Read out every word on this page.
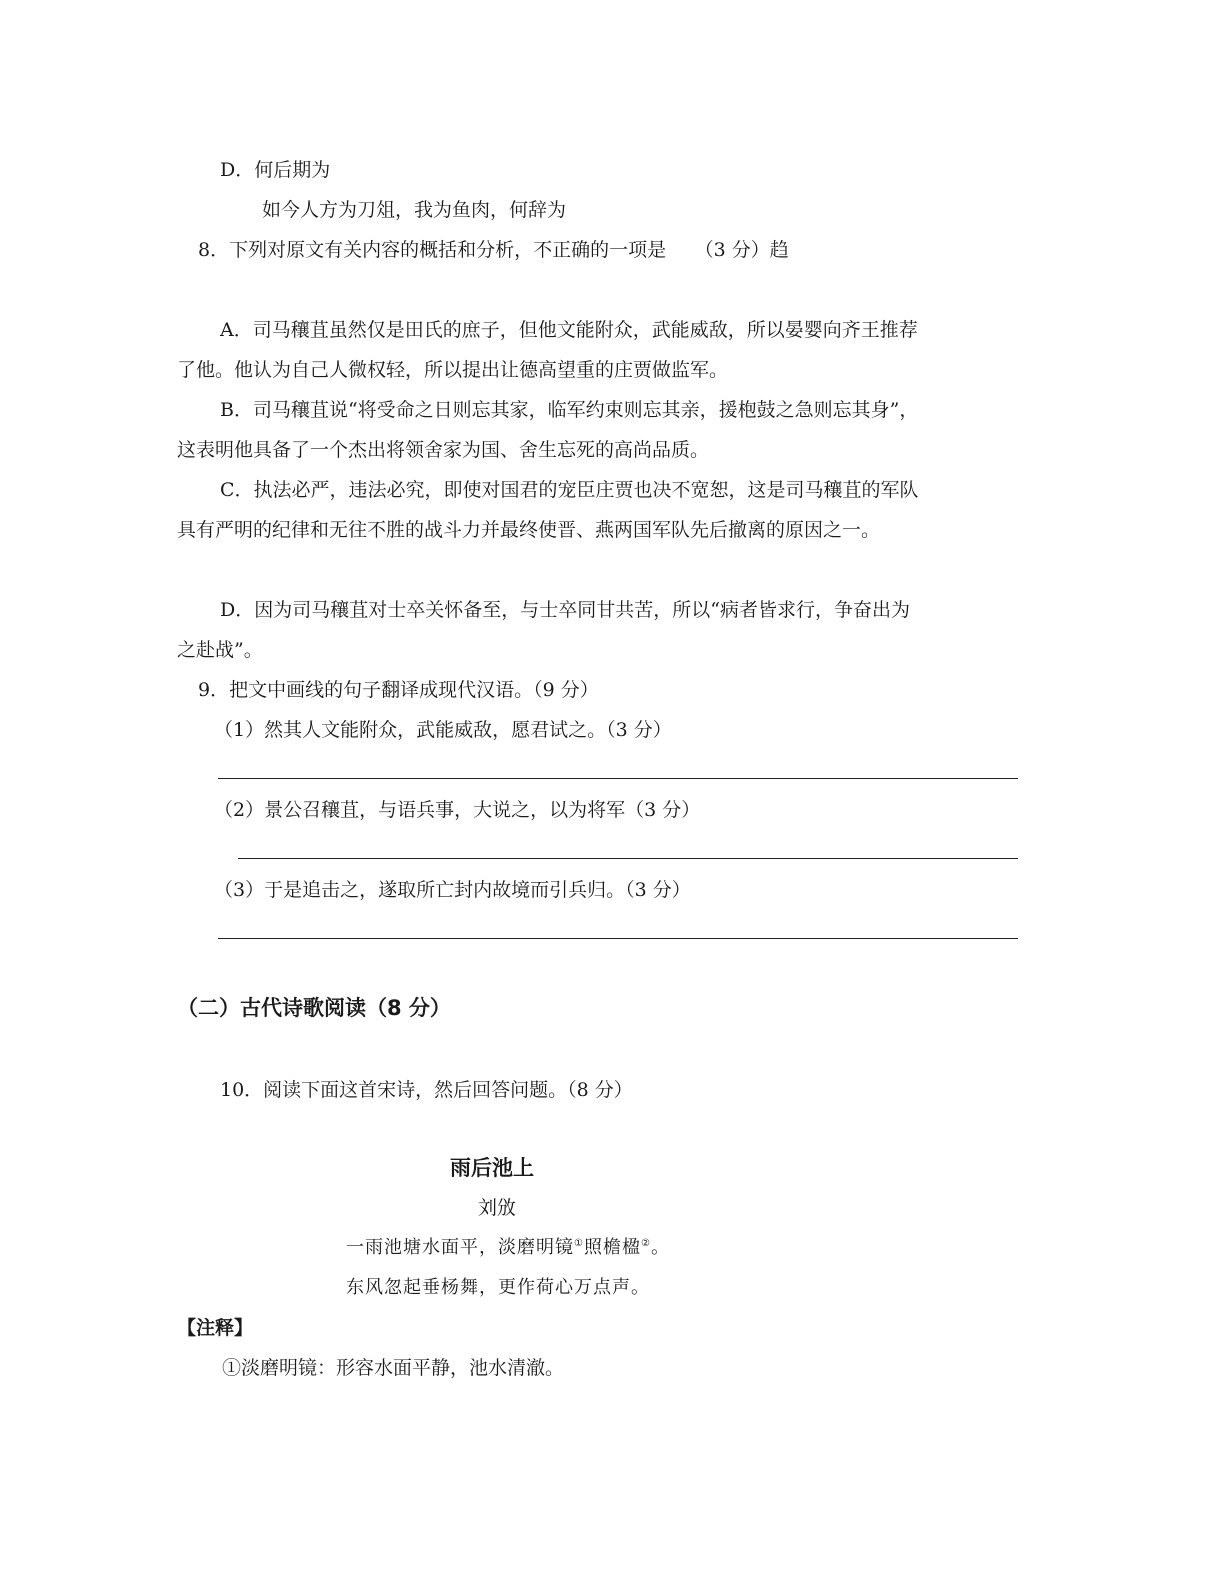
D．何后期为
如今人方为刀俎，我为鱼肉，何辞为
8．下列对原文有关内容的概括和分析，不正确的一项是　　（3 分）趋
A．司马穰苴虽然仅是田氏的庶子，但他文能附众，武能威敌，所以晏婴向齐王推荐
了他。他认为自己人微权轻，所以提出让德高望重的庄贾做监军。
B．司马穰苴说“将受命之日则忘其家，临军约束则忘其亲，援枹鼓之急则忘其身”，
这表明他具备了一个杰出将领舍家为国、舍生忘死的高尚品质。
C．执法必严，违法必究，即使对国君的宠臣庄贾也决不宽恕，这是司马穰苴的军队
具有严明的纪律和无往不胜的战斗力并最终使晋、燕两国军队先后撤离的原因之一。
D．因为司马穰苴对士卒关怀备至，与士卒同甘共苦，所以“病者皆求行，争奋出为
之赴战”。
9．把文中画线的句子翻译成现代汉语。（9 分）
（1）然其人文能附众，武能威敌，愿君试之。（3 分）
（2）景公召穰苴，与语兵事，大说之，以为将军（3 分）
（3）于是追击之，遂取所亡封内故境而引兵归。（3 分）
（二）古代诗歌阅读（8 分）
10．阅读下面这首宋诗，然后回答问题。（8 分）
雨后池上
刘攽
一雨池塘水面平，淡磨明镜①照檐楹②。
东风忽起垂杨舞，更作荷心万点声。
【注释】
①淡磨明镜：形容水面平静，池水清澈。
